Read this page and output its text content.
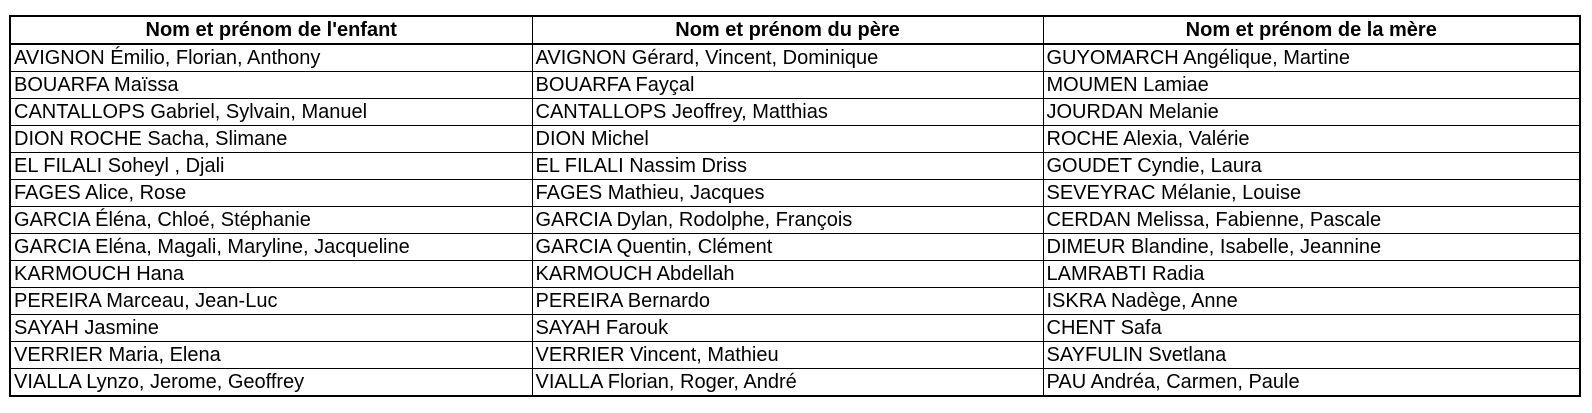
Nom et prénom de l'enfant	Nom et prénom du père	Nom et prénom de la mère
AVIGNON Émilio, Florian, Anthony	AVIGNON Gérard, Vincent, Dominique	GUYOMARCH Angélique, Martine
BOUARFA Maïssa	BOUARFA Fayçal	MOUMEN Lamiae
CANTALLOPS Gabriel, Sylvain, Manuel	CANTALLOPS Jeoffrey, Matthias	JOURDAN Melanie
DION ROCHE Sacha, Slimane	DION Michel	ROCHE Alexia, Valérie
EL FILALI Soheyl , Djali	EL FILALI Nassim Driss	GOUDET Cyndie, Laura
FAGES Alice, Rose	FAGES Mathieu, Jacques	SEVEYRAC Mélanie, Louise
GARCIA Éléna, Chloé, Stéphanie	GARCIA Dylan, Rodolphe, François	CERDAN Melissa, Fabienne, Pascale
GARCIA Eléna, Magali, Maryline, Jacqueline	GARCIA Quentin, Clément	DIMEUR Blandine, Isabelle, Jeannine
KARMOUCH Hana	KARMOUCH Abdellah	LAMRABTI Radia
PEREIRA Marceau, Jean-Luc	PEREIRA Bernardo	ISKRA Nadège, Anne
SAYAH Jasmine	SAYAH Farouk	CHENT Safa
VERRIER Maria, Elena	VERRIER Vincent, Mathieu	SAYFULIN Svetlana
VIALLA Lynzo, Jerome, Geoffrey	VIALLA Florian, Roger, André	PAU Andréa, Carmen, Paule
